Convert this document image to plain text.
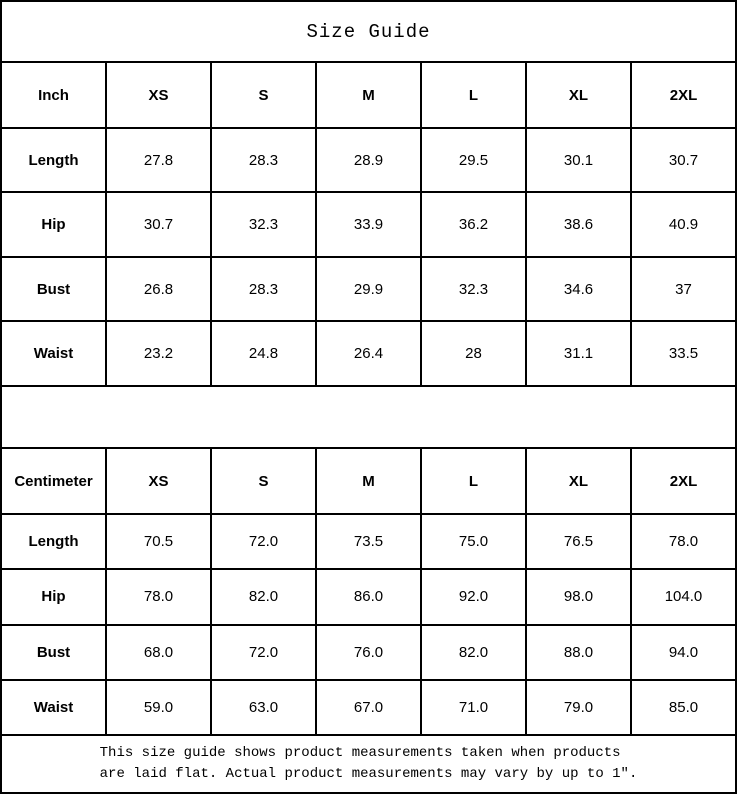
Size Guide						
Inch	XS	S	M	L	XL	2XL
Length	27.8	28.3	28.9	29.5	30.1	30.7
Hip	30.7	32.3	33.9	36.2	38.6	40.9
Bust	26.8	28.3	29.9	32.3	34.6	37
Waist	23.2	24.8	26.4	28	31.1	33.5

Centimeter	XS	S	M	L	XL	2XL
Length	70.5	72.0	73.5	75.0	76.5	78.0
Hip	78.0	82.0	86.0	92.0	98.0	104.0
Bust	68.0	72.0	76.0	82.0	88.0	94.0
Waist	59.0	63.0	67.0	71.0	79.0	85.0

This size guide shows product measurements taken when products
are laid flat. Actual product measurements may vary by up to 1″.						
